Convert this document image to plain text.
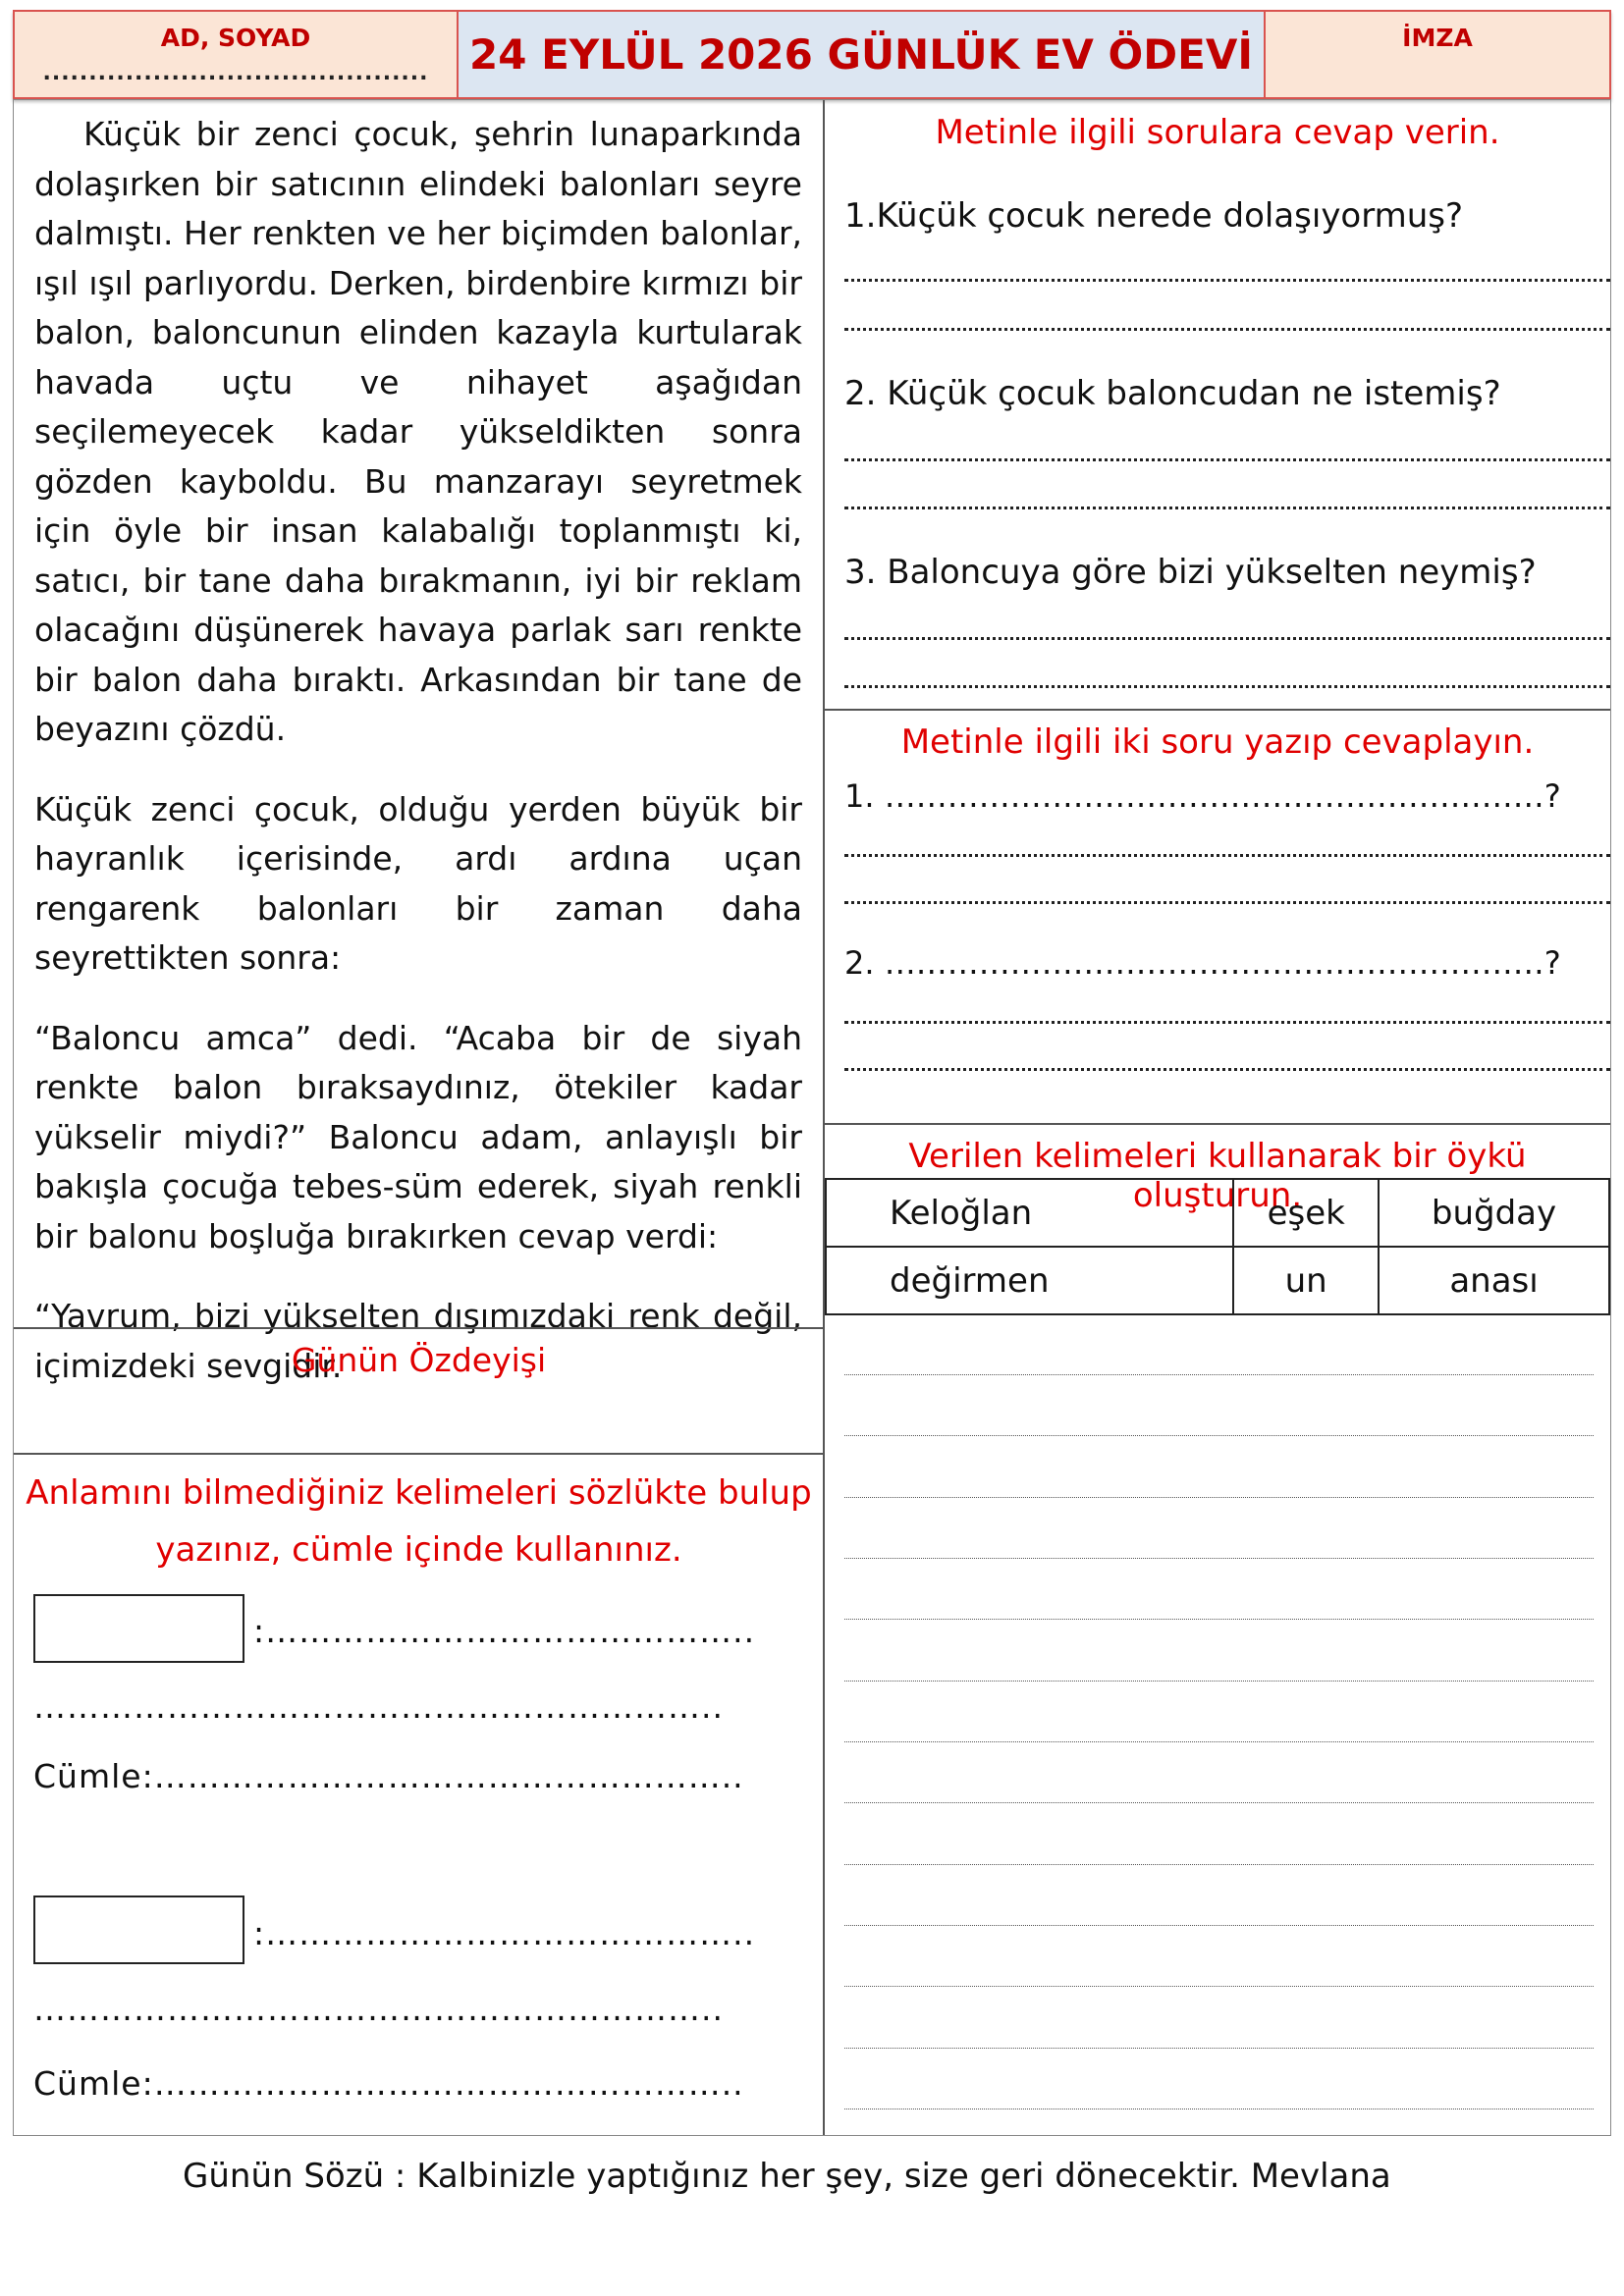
AD, SOYAD
.......................................... 24 EYLÜL 2026 GÜNLÜK EV ÖDEVİ	İMZA

Küçük bir zenci çocuk, şehrin lunaparkında dolaşırken bir satıcının elindeki balonları seyre dalmıştı. Her renkten ve her biçimden balonlar, ışıl ışıl parlıyordu. Derken, birdenbire kırmızı bir balon, baloncunun elinden kazayla kurtularak havada uçtu ve nihayet aşağıdan seçilemeyecek kadar yükseldikten sonra gözden kayboldu. Bu manzarayı seyretmek için öyle bir insan kalabalığı toplanmıştı ki, satıcı, bir tane daha bırakmanın, iyi bir reklam olacağını düşünerek havaya parlak sarı renkte bir balon daha bıraktı. Arkasından bir tane de beyazını çözdü.

Küçük zenci çocuk, olduğu yerden büyük bir hayranlık içerisinde, ardı ardına uçan rengarenk balonları bir zaman daha seyrettikten sonra:

“Baloncu amca” dedi. “Acaba bir de siyah renkte balon bıraksaydınız, ötekiler kadar yükselir miydi?” Baloncu adam, anlayışlı bir bakışla çocuğa tebes-süm ederek, siyah renkli bir balonu boşluğa bırakırken cevap verdi:

“Yavrum, bizi yükselten dışımızdaki renk değil, içimizdeki sevgidir.

Günün Özdeyişi
Anlamını bilmediğiniz kelimeleri sözlükte bulup
yazınız, cümle içinde kullanınız.
:……………………………………..
……………………………………………………..
Cümle:……………………………………………..
:……………………………………..
……………………………………………………..
Cümle:……………………………………………..
Metinle ilgili sorulara cevap verin.
1.Küçük çocuk nerede dolaşıyormuş?
2. Küçük çocuk baloncudan ne istemiş?
3. Baloncuya göre bizi yükselten neymiş?
Metinle ilgili iki soru yazıp cevaplayın.
1. ………………………………………………………?
2. ………………………………………………………?
Verilen kelimeleri kullanarak bir öykü oluşturun.
Keloğlan	eşek	buğday
değirmen	un	anası
Günün Sözü : Kalbinizle yaptığınız her şey, size geri dönecektir. Mevlana
